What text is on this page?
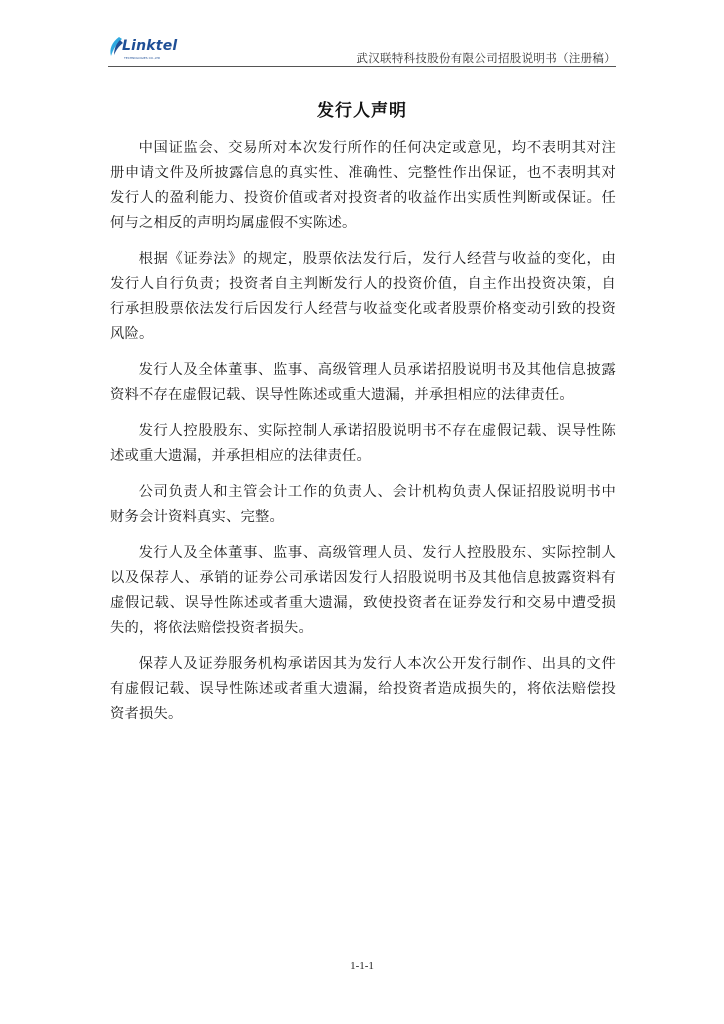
Linktel
TECHNOLOGIES CO.,LTD	武汉联特科技股份有限公司招股说明书（注册稿）
发行人声明

中国证监会、交易所对本次发行所作的任何决定或意见，均不表明其对注册申请文件及所披露信息的真实性、准确性、完整性作出保证，也不表明其对发行人的盈利能力、投资价值或者对投资者的收益作出实质性判断或保证。任何与之相反的声明均属虚假不实陈述。

根据《证券法》的规定，股票依法发行后，发行人经营与收益的变化，由发行人自行负责；投资者自主判断发行人的投资价值，自主作出投资决策，自行承担股票依法发行后因发行人经营与收益变化或者股票价格变动引致的投资风险。

发行人及全体董事、监事、高级管理人员承诺招股说明书及其他信息披露资料不存在虚假记载、误导性陈述或重大遗漏，并承担相应的法律责任。

发行人控股股东、实际控制人承诺招股说明书不存在虚假记载、误导性陈述或重大遗漏，并承担相应的法律责任。

公司负责人和主管会计工作的负责人、会计机构负责人保证招股说明书中财务会计资料真实、完整。

发行人及全体董事、监事、高级管理人员、发行人控股股东、实际控制人以及保荐人、承销的证券公司承诺因发行人招股说明书及其他信息披露资料有虚假记载、误导性陈述或者重大遗漏，致使投资者在证券发行和交易中遭受损失的，将依法赔偿投资者损失。

保荐人及证券服务机构承诺因其为发行人本次公开发行制作、出具的文件有虚假记载、误导性陈述或者重大遗漏，给投资者造成损失的，将依法赔偿投资者损失。

1-1-1
